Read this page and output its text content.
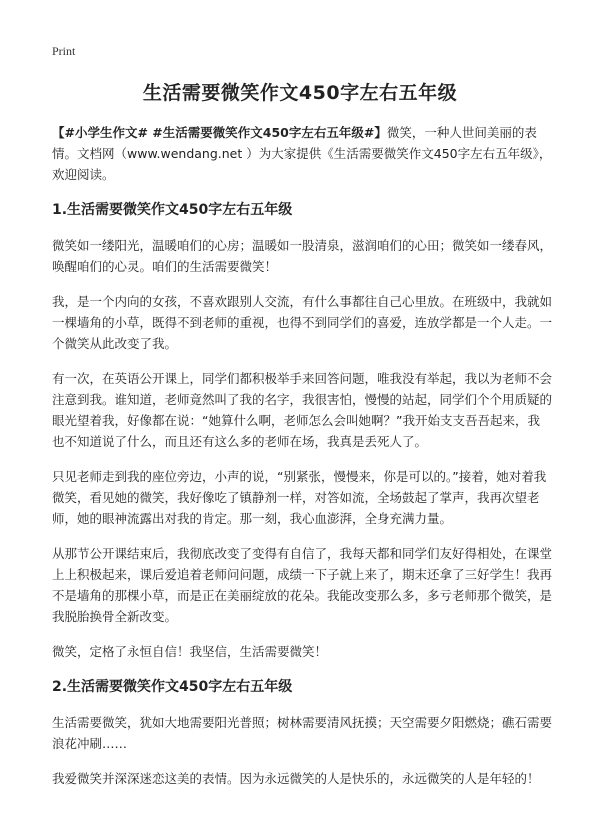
Print
生活需要微笑作文450字左右五年级

【#小学生作文# #生活需要微笑作文450字左右五年级#】微笑，一种人世间美丽的表情。文档网（www.wendang.net ）为大家提供《生活需要微笑作文450字左右五年级》，欢迎阅读。

1.生活需要微笑作文450字左右五年级

微笑如一缕阳光，温暖咱们的心房；温暖如一股清泉，滋润咱们的心田；微笑如一缕春风，唤醒咱们的心灵。咱们的生活需要微笑！

我，是一个内向的女孩，不喜欢跟别人交流，有什么事都往自己心里放。在班级中，我就如一棵墙角的小草，既得不到老师的重视，也得不到同学们的喜爱，连放学都是一个人走。一个微笑从此改变了我。

有一次，在英语公开课上，同学们都积极举手来回答问题，唯我没有举起，我以为老师不会注意到我。谁知道，老师竟然叫了我的名字，我很害怕，慢慢的站起，同学们个个用质疑的眼光望着我，好像都在说：“她算什么啊，老师怎么会叫她啊？”我开始支支吾吾起来，我也不知道说了什么，而且还有这么多的老师在场，我真是丢死人了。

只见老师走到我的座位旁边，小声的说，“别紧张，慢慢来，你是可以的。”接着，她对着我微笑，看见她的微笑，我好像吃了镇静剂一样，对答如流，全场鼓起了掌声，我再次望老师，她的眼神流露出对我的肯定。那一刻，我心血澎湃，全身充满力量。

从那节公开课结束后，我彻底改变了变得有自信了，我每天都和同学们友好得相处，在课堂上上积极起来，课后爱追着老师问问题，成绩一下子就上来了，期末还拿了三好学生！我再不是墙角的那棵小草，而是正在美丽绽放的花朵。我能改变那么多，多亏老师那个微笑，是我脱胎换骨全新改变。

微笑，定格了永恒自信！我坚信，生活需要微笑！

2.生活需要微笑作文450字左右五年级

生活需要微笑，犹如大地需要阳光普照；树林需要清风抚摸；天空需要夕阳燃烧；礁石需要浪花冲刷……

我爱微笑并深深迷恋这美的表情。因为永远微笑的人是快乐的，永远微笑的人是年轻的！
